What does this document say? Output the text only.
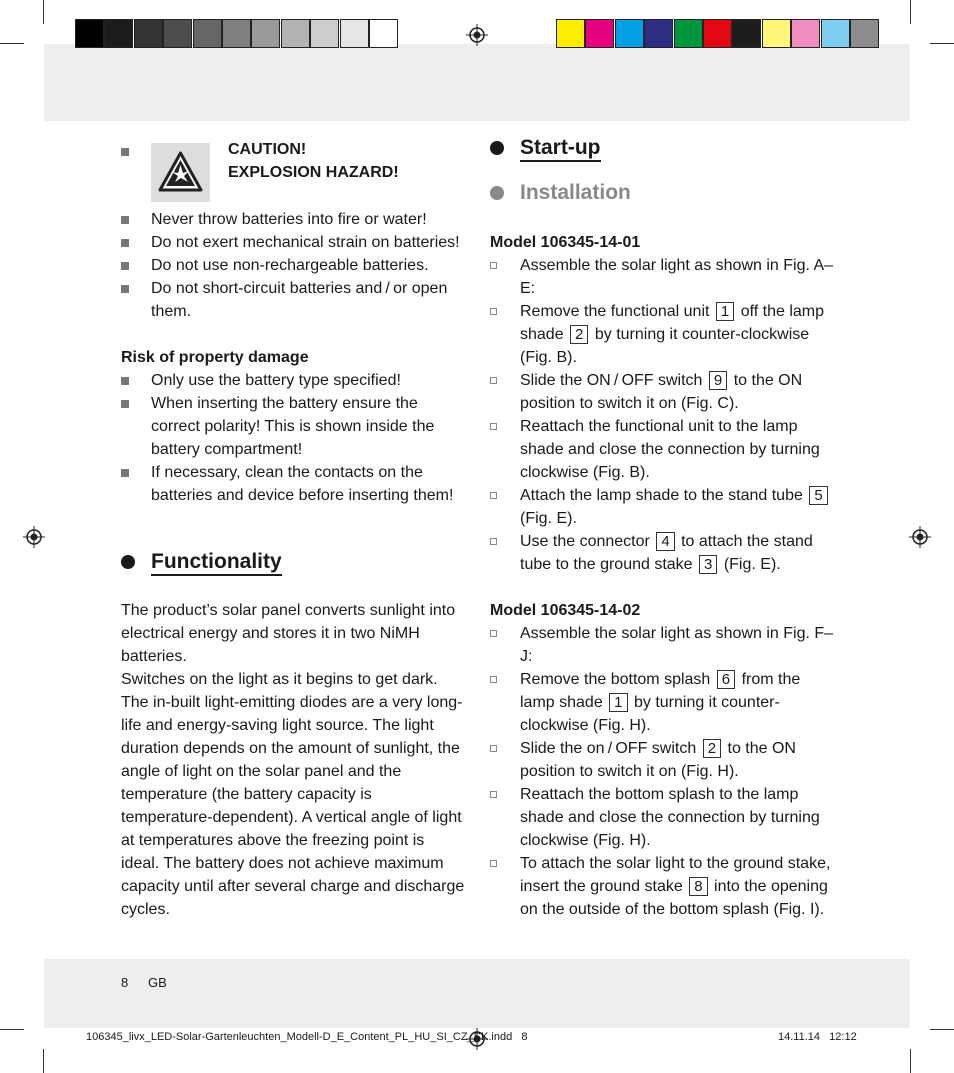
CAUTION!
EXPLOSION HAZARD!
Never throw batteries into fire or water!
Do not exert mechanical strain on batteries!
Do not use non-rechargeable batteries.
Do not short-circuit batteries and / or open them.
Risk of property damage
Only use the battery type specified!
When inserting the battery ensure the correct polarity! This is shown inside the battery compartment!
If necessary, clean the contacts on the batteries and device before inserting them!
Functionality

The product’s solar panel converts sunlight into electrical energy and stores it in two NiMH batteries.

Switches on the light as it begins to get dark. The in-built light-emitting diodes are a very long-life and energy-saving light source. The light duration depends on the amount of sunlight, the angle of light on the solar panel and the temperature (the battery capacity is temperature-dependent). A vertical angle of light at temperatures above the freezing point is ideal. The battery does not achieve maximum capacity until after several charge and discharge cycles.

Start-up
Installation
Model 106345-14-01
Assemble the solar light as shown in Fig. A–E:
Remove the functional unit 1 off the lamp shade 2 by turning it counter-clockwise (Fig. B).
Slide the ON / OFF switch 9 to the ON position to switch it on (Fig. C).
Reattach the functional unit to the lamp shade and close the connection by turning clockwise (Fig. B).
Attach the lamp shade to the stand tube 5 (Fig. E).
Use the connector 4 to attach the stand tube to the ground stake 3 (Fig. E).
Model 106345-14-02
Assemble the solar light as shown in Fig. F–J:
Remove the bottom splash 6 from the lamp shade 1 by turning it counter-clockwise (Fig. H).
Slide the on / OFF switch 2 to the ON position to switch it on (Fig. H).
Reattach the bottom splash to the lamp shade and close the connection by turning clockwise (Fig. H).
To attach the solar light to the ground stake, insert the ground stake 8 into the opening on the outside of the bottom splash (Fig. I).
8 GB
106345_livx_LED-Solar-Gartenleuchten_Modell-D_E_Content_PL_HU_SI_CZ_SK.indd   8	14.11.14   12:12
